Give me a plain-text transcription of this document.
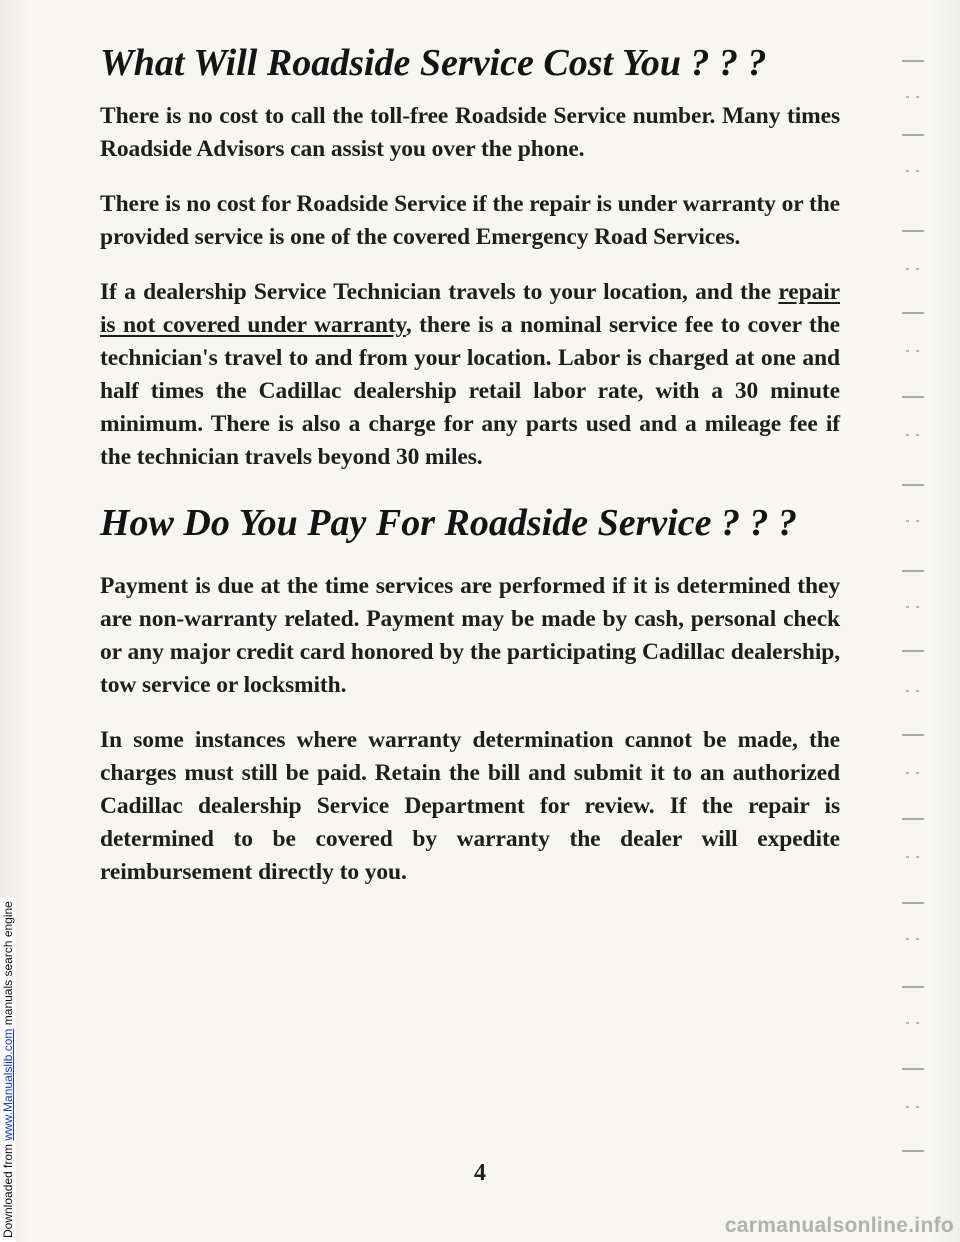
What Will Roadside Service Cost You ? ? ?

There is no cost to call the toll-free Roadside Service number. Many times Roadside Advisors can assist you over the phone.

There is no cost for Roadside Service if the repair is under warranty or the provided service is one of the covered Emergency Road Services.

If a dealership Service Technician travels to your location, and the repair is not covered under warranty, there is a nominal service fee to cover the technician's travel to and from your location. Labor is charged at one and half times the Cadillac dealership retail labor rate, with a 30 minute minimum. There is also a charge for any parts used and a mileage fee if the technician travels beyond 30 miles.

How Do You Pay For Roadside Service ? ? ?

Payment is due at the time services are performed if it is determined they are non-warranty related. Payment may be made by cash, personal check or any major credit card honored by the participating Cadillac dealership, tow service or locksmith.

In some instances where warranty determination cannot be made, the charges must still be paid. Retain the bill and submit it to an authorized Cadillac dealership Service Department for review. If the repair is determined to be covered by warranty the dealer will expedite reimbursement directly to you.

4
Downloaded from www.Manualslib.com manuals search engine
carmanualsonline.info
